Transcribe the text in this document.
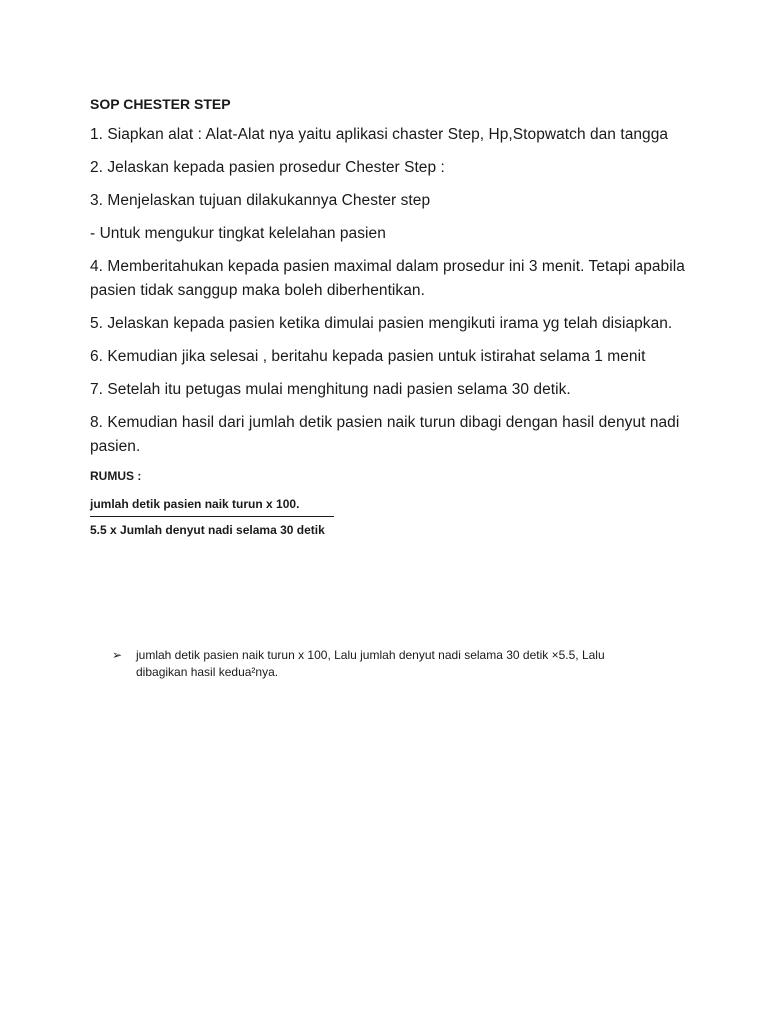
SOP CHESTER STEP
1. Siapkan alat : Alat-Alat nya yaitu aplikasi chaster Step, Hp,Stopwatch dan tangga
2. Jelaskan kepada pasien prosedur Chester Step :
3. Menjelaskan tujuan dilakukannya Chester step
- Untuk mengukur tingkat kelelahan pasien
4. Memberitahukan kepada pasien maximal dalam prosedur ini 3 menit. Tetapi apabila pasien tidak sanggup maka boleh diberhentikan.
5. Jelaskan kepada pasien ketika dimulai pasien mengikuti irama yg telah disiapkan.
6. Kemudian jika selesai , beritahu kepada pasien untuk istirahat selama 1 menit
7. Setelah itu petugas mulai menghitung nadi pasien selama 30 detik.
8. Kemudian hasil dari jumlah detik pasien naik turun dibagi dengan hasil denyut nadi pasien.
RUMUS :
jumlah detik pasien naik turun x 100.
5.5 x Jumlah denyut nadi selama 30 detik
➢	jumlah detik pasien naik turun x 100, Lalu jumlah denyut nadi selama 30 detik ×5.5, Lalu
dibagikan hasil kedua²nya.
